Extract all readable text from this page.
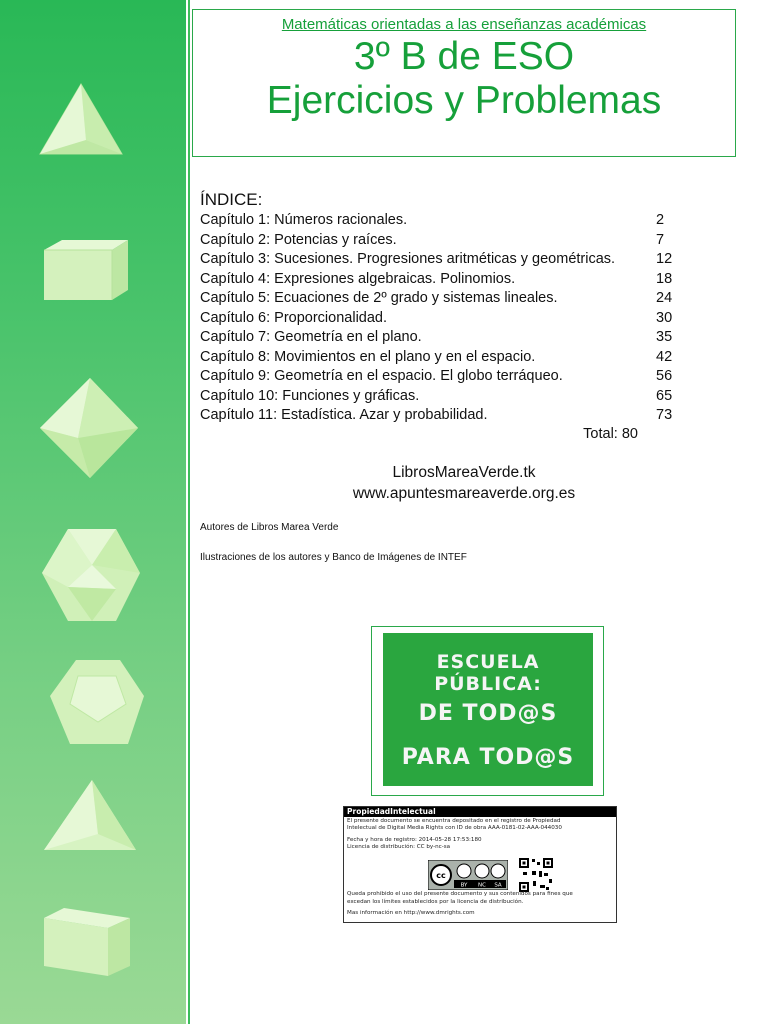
Matemáticas orientadas a las enseñanzas académicas
3º B de ESO
Ejercicios y Problemas
ÍNDICE:
Capítulo 1: Números racionales.	2
Capítulo 2: Potencias y raíces.	7
Capítulo 3: Sucesiones. Progresiones aritméticas y geométricas.	12
Capítulo 4: Expresiones algebraicas. Polinomios.	18
Capítulo 5: Ecuaciones de 2º grado y sistemas lineales.	24
Capítulo 6: Proporcionalidad.	30
Capítulo 7: Geometría en el plano.	35
Capítulo 8: Movimientos en el plano y en el espacio.	42
Capítulo 9: Geometría en el espacio. El globo terráqueo.	56
Capítulo 10: Funciones y gráficas.	65
Capítulo 11: Estadística. Azar y probabilidad.	73
Total: 80
LibrosMareaVerde.tk
www.apuntesmareaverde.org.es
Autores de Libros Marea Verde
Ilustraciones de los autores y Banco de Imágenes de INTEF
ESCUELA PÚBLICA:
DE TOD@S
PARA TOD@S
PropiedadIntelectual
El presente documento se encuentra depositado en el registro de Propiedad
Intelectual de Digital Media Rights con ID de obra AAA-0181-02-AAA-044030
Fecha y hora de registro: 2014-05-28 17:53:180
Licencia de distribución: CC by-nc-sa
cc
BY NC SA
Queda prohibido el uso del presente documento y sus contenidos para fines que
excedan los límites establecidos por la licencia de distribución.
Mas información en http://www.dmrights.com
